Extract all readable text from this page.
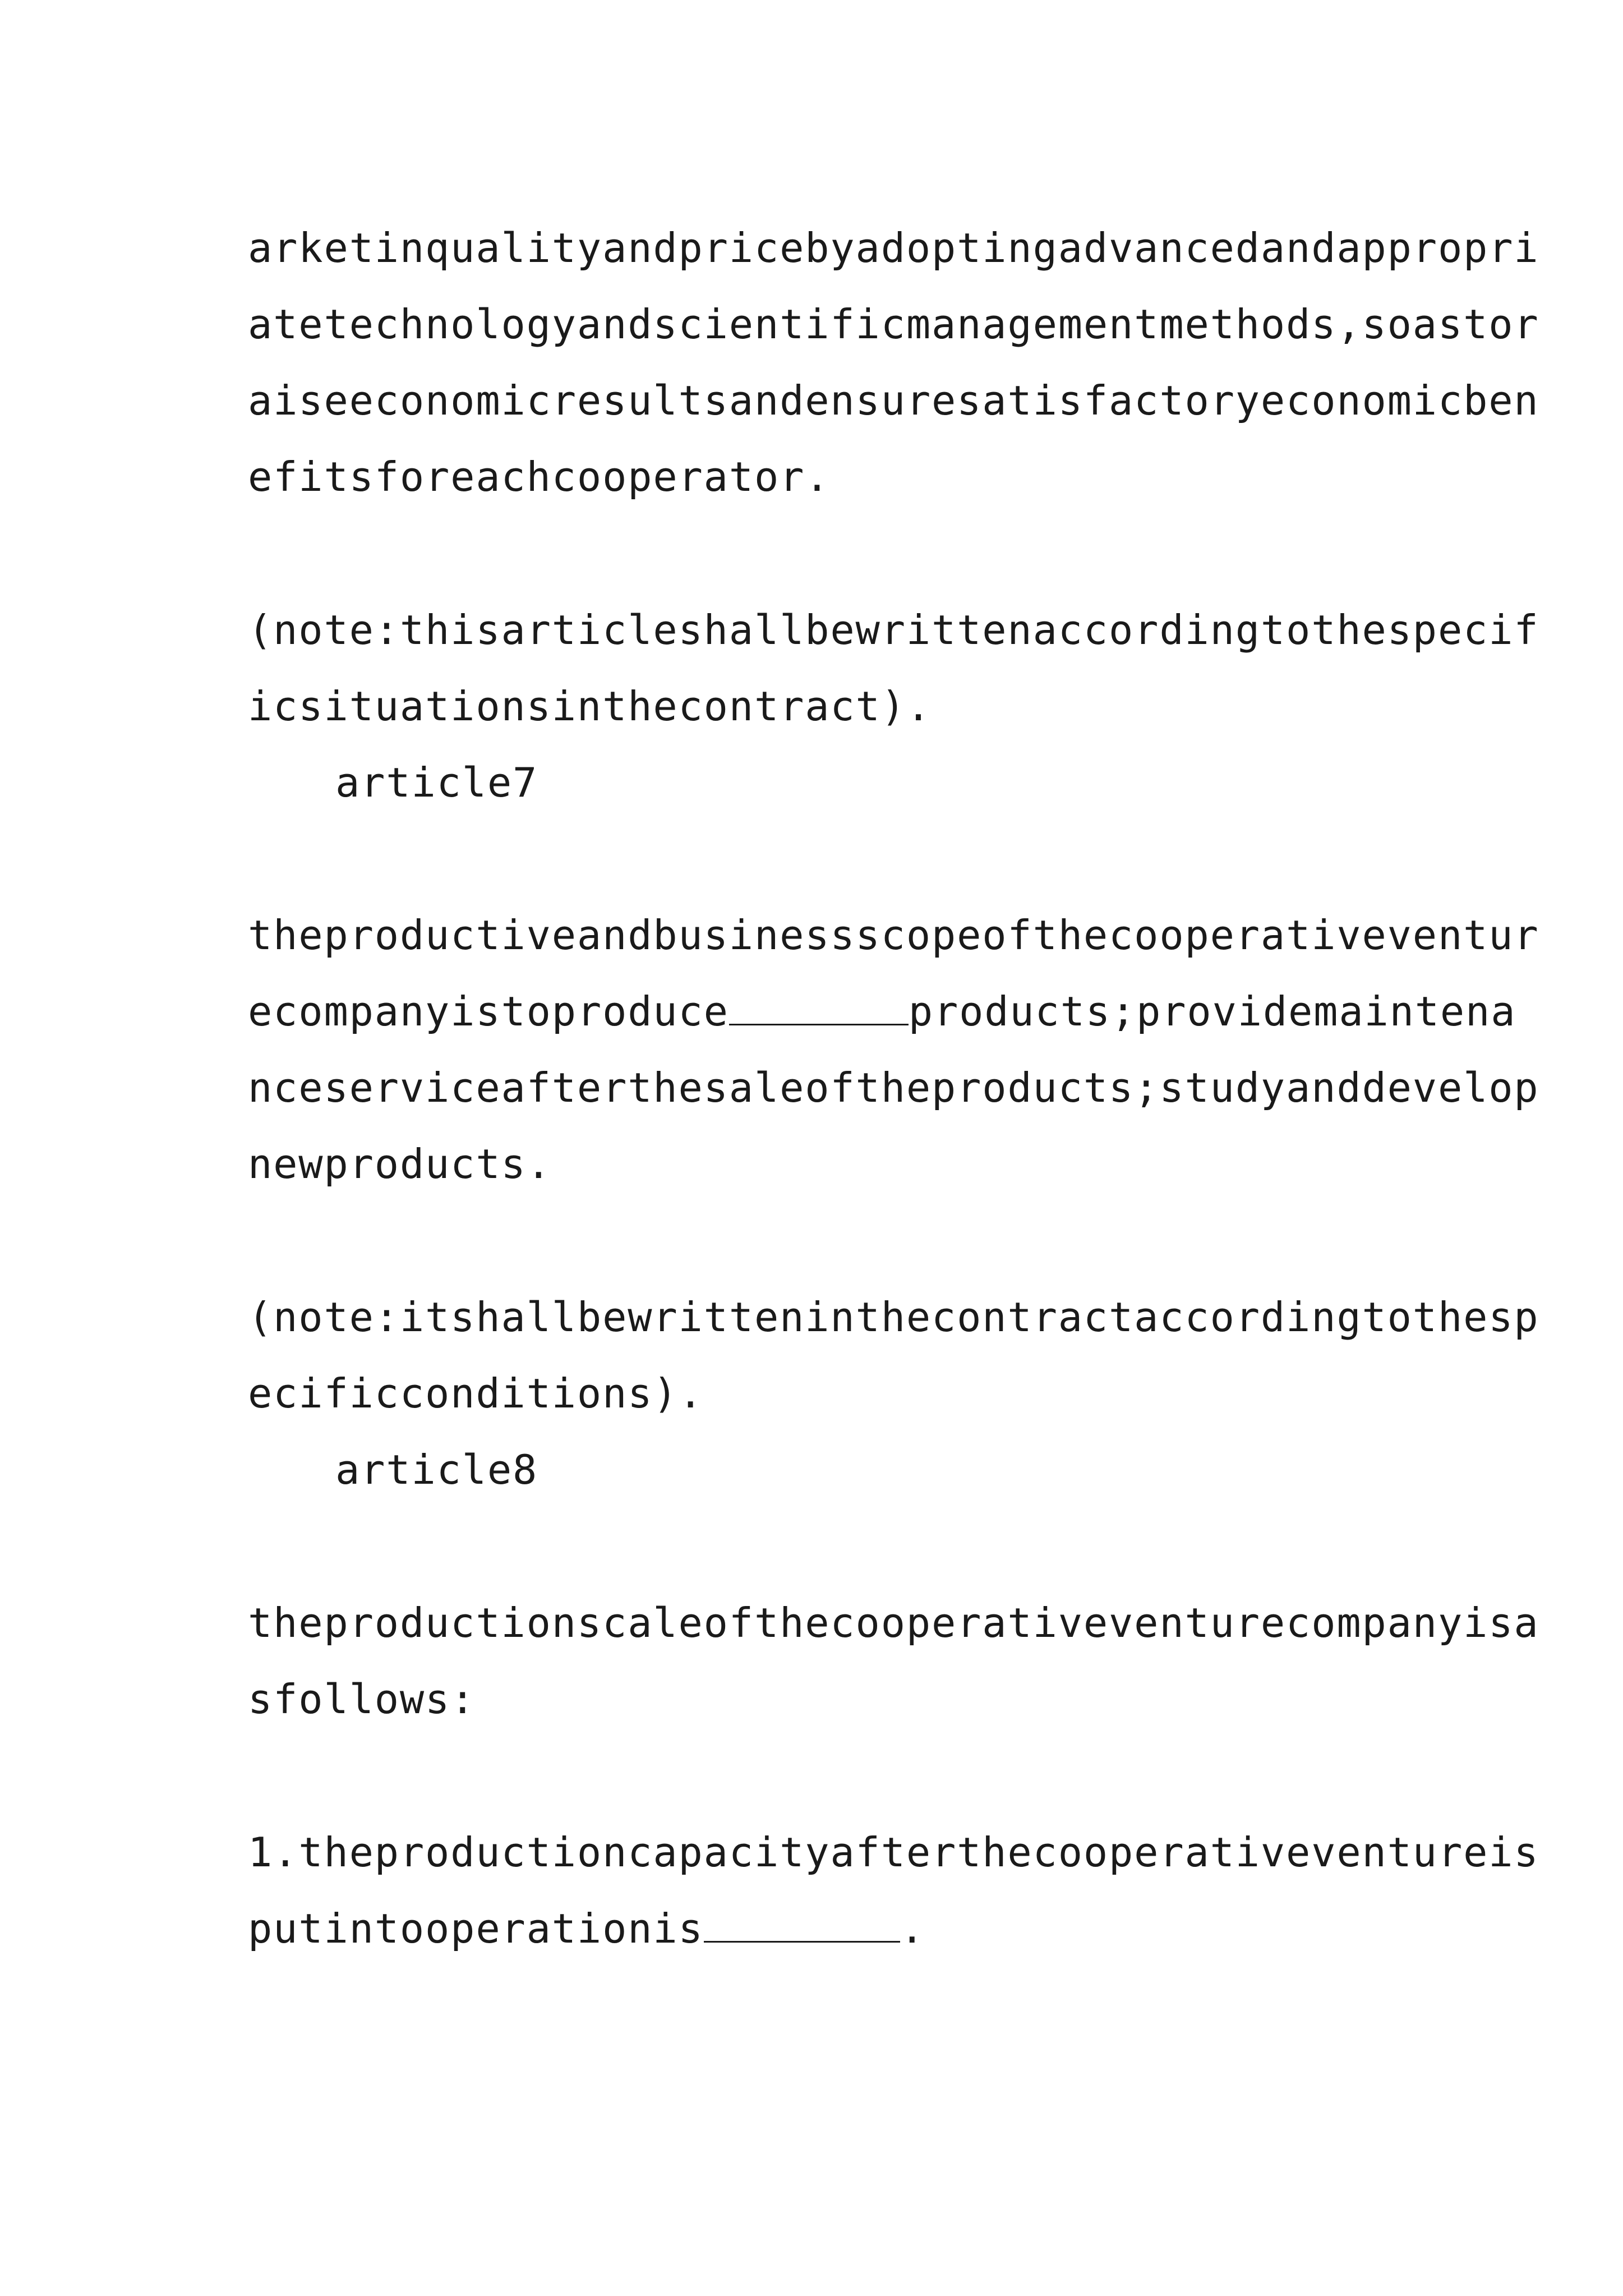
arketinqualityandpricebyadoptingadvancedandappropri
atetechnologyandscientificmanagementmethods,soastor
aiseeconomicresultsandensuresatisfactoryeconomicben
efitsforeachcooperator.
(note:thisarticleshallbewrittenaccordingtothespecif
icsituationsinthecontract).
article7
theproductiveandbusinessscopeofthecooperativeventur
ecompanyistoproduce	products;providemaintena
nceserviceafterthesaleoftheproducts;studyanddevelop
newproducts.
(note:itshallbewritteninthecontractaccordingtothesp
ecificconditions).
article8
theproductionscaleofthecooperativeventurecompanyisa
sfollows:
1.theproductioncapacityafterthecooperativeventureis
putintooperationis	.
